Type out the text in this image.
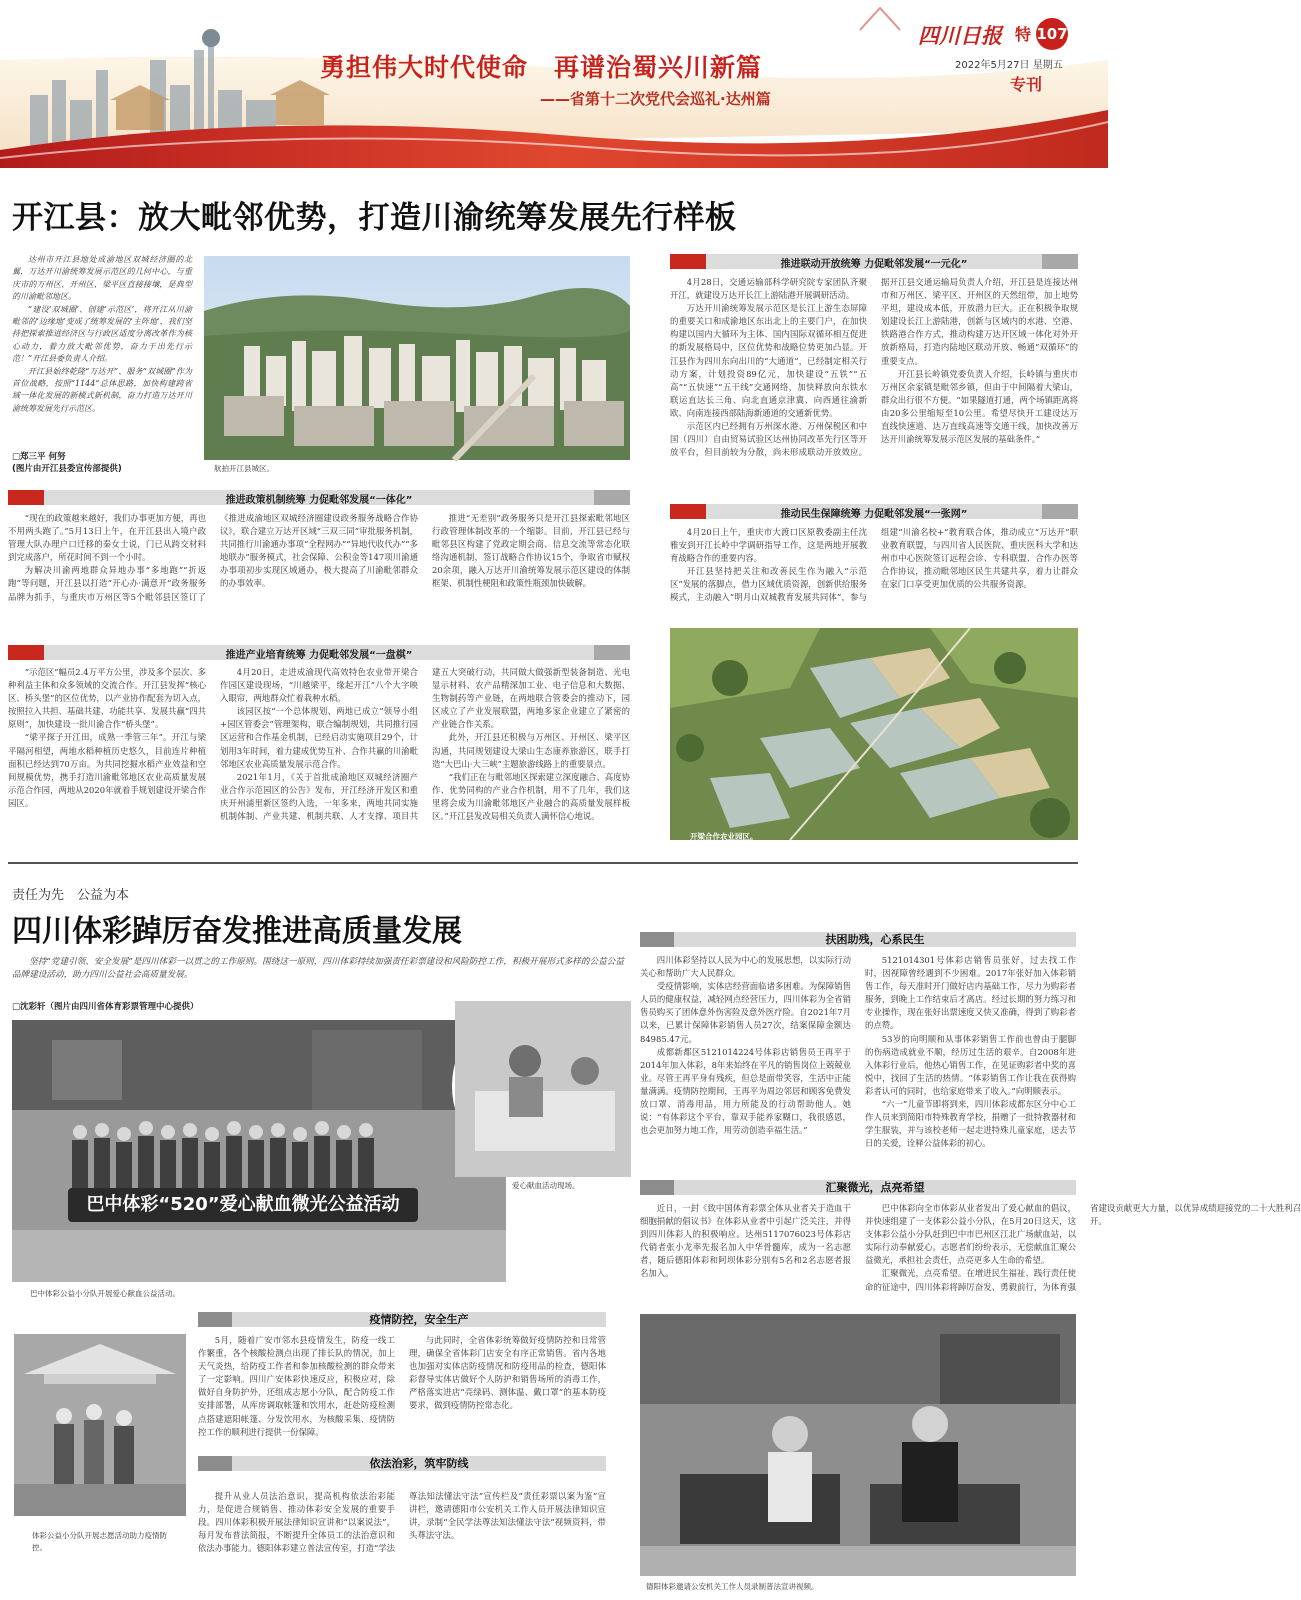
勇担伟大时代使命　再谱治蜀兴川新篇
——省第十二次党代会巡礼·达州篇
四川日报 特 107
2022年5月27日 星期五
专刊
开江县：放大毗邻优势，打造川渝统筹发展先行样板

达州市开江县地处成渝地区双城经济圈的北翼，万达开川渝统筹发展示范区的几何中心，与重庆市的万州区、开州区、梁平区直接接壤，是典型的川渝毗邻地区。

“建设‘双城圈’、创建‘示范区’，将开江从川渝毗邻的‘边缘地’变成了统筹发展的‘主阵地’，我们坚持把探索推进经济区与行政区适度分离改革作为核心动力，着力放大毗邻优势，奋力干出先行示范！”开江县委负责人介绍。

开江县始终乾隆“万达开”、服务“双城圈”作为首位战略，按照“1144”总体思路，加快构建跨省域一体化发展的新模式新机制，奋力打造万达开川渝统筹发展先行示范区。

□郑三平 何努
(图片由开江县委宣传部提供)	航拍开江县城区。
推进政策机制统筹 力促毗邻发展“一体化”

“现在的政策越来越好，我们办事更加方便，再也不用两头跑了。”5月13日上午，在开江县出入境户政管理大队办理户口迁移的秦女士说，门已从跨交材料到完成落户，所花时间不到一个小时。

为解决川渝两地群众异地办事“多地跑”“折返跑”等问题，开江县以打造“开心办·满意开”政务服务品牌为抓手，与重庆市万州区等5个毗邻县区签订了《推进成渝地区双城经济圈建设政务服务战略合作协议》，联合建立万达开区域“三双三同”审批服务机制，共同推行川渝通办事项“全程网办”“异地代收代办”“多地联办”服务模式，社会保障、公积金等147项川渝通办事项初步实现区域通办，极大提高了川渝毗邻群众的办事效率。

推进“无差别”政务服务只是开江县探索毗邻地区行政管理体制改革的一个缩影。目前，开江县已经与毗邻县区构建了党政定期会商、信息交流等常态化联络沟通机制，签订战略合作协议15个，争取省市赋权20余项，融入万达开川渝统筹发展示范区建设的体制框架、机制性梗阻和政策性瓶颈加快破解。

推进产业培育统筹 力促毗邻发展“一盘棋”

“示范区”幅员2.4万平方公里，涉及多个层次、多种利益主体和众多领域的交流合作。开江县发挥“核心区、桥头堡”的区位优势，以产业协作配套为切入点，按照拉入共担、基础共建、功能共享、发展共赢“四共原则”，加快建设一批川渝合作“桥头堡”。

“梁平探子开江田，成熟一季管三年”。开江与梁平隔河相望，两地水稻种植历史悠久，目前连片种植面积已经达到70万亩。为共同挖掘水稻产业效益和空间规模优势，携手打造川渝毗邻地区农业高质量发展示范合作园，两地从2020年就着手规划建设开梁合作园区。

4月20日，走进成渝现代高效特色农业带开梁合作园区建设现场，“川越梁平，缘起开江”八个大字映入眼帘，两地群众忙着栽种水稻。

该园区按“一个总体规划、两地已成立”领导小组+园区管委会”管理架构，联合编制规划，共同推行园区运营和合作基金机制，已经启动实施项目29个，计划用3年时间，着力建成优势互补、合作共赢的川渝毗邻地区农业高质量发展示范合作。

2021年1月，《关于首批成渝地区双城经济圈产业合作示范园区的公告》发布，开江经济开发区和重庆开州浦里新区签约入选，一年多来，两地共同实施机制体制、产业共建、机制共联、人才支撑、项目共建五大突破行动，共同做大做强新型装备制造、光电显示材料、农产品精深加工业、电子信息和大数据、生物制药等产业链，在两地联合管委会的推动下，园区成立了产业发展联盟，两地多家企业建立了紧密的产业链合作关系。

此外，开江县还积极与万州区、开州区、梁平区沟通，共同规划建设大梁山生态康养旅游区，联手打造“大巴山·大三峡”主题旅游线路上的重要景点。

“我们正在与毗邻地区探索建立深度融合、高度协作、优势同构的产业合作机制，用不了几年，我们这里将会成为川渝毗邻地区产业融合的高质量发展样板区。”开江县发改局相关负责人满怀信心地说。

推进联动开放统筹 力促毗邻发展“一元化”

4月28日，交通运输部科学研究院专家团队齐聚开江，就建设万达开长江上游陆港开展调研活动。

万达开川渝统筹发展示范区是长江上游生态屏障的重要关口和成渝地区东出北上的主要门户，在加快构建以国内大循环为主体、国内国际双循环相互促进的新发展格局中，区位优势和战略位势更加凸显。开江县作为四川东向出川的“大通道”，已经制定相关行动方案，计划投资89亿元，加快建设“五铁”“五高”“五快速”“五干线”交通网络，加快释放向东铁水联运直达长三角、向北直通京津冀、向西通往渝新欧、向南连接西部陆海新通道的交通新优势。

示范区内已经拥有万州深水港、万州保税区和中国（四川）自由贸易试验区达州协同改革先行区等开放平台，但目前较为分散，尚未形成联动开放效应。据开江县交通运输局负责人介绍，开江县是连接达州市和万州区、梁平区、开州区的天然纽带，加上地势平坦，建设成本低，开放潜力巨大。正在积极争取规划建设长江上游陆港，创新与区域内的水港、空港、铁路港合作方式，推动构建万达开区域一体化对外开放新格局，打造内陆地区联动开放、畅通“双循环”的重要支点。

开江县长岭镇党委负责人介绍，长岭镇与重庆市万州区余家镇是毗邻乡镇，但由于中间隔着大梁山，群众出行很不方便。“如果隧道打通，两个场镇距离将由20多公里缩短至10公里。希望尽快开工建设达万直线快速道、达万直线高速等交通干线，加快改善万达开川渝统筹发展示范区发展的基础条件。”

推动民生保障统筹 力促毗邻发展“一张网”

4月20日上午，重庆市大渡口区原教委副主任沈雅安到开江长岭中学调研指导工作，这是两地开展教育战略合作的重要内容。

开江县坚持把关注和改善民生作为融入“示范区”发展的落脚点，借力区域优质资源，创新供给服务模式，主动融入“明月山双城教育发展共同体”，参与组建“川渝名校+”教育联合体，推动成立“万达开”职业教育联盟，与四川省人民医院、重庆医科大学和达州市中心医院签订远程会诊、专科联盟、合作办医等合作协议，推动毗邻地区民生共建共享，着力让群众在家门口享受更加优质的公共服务资源。

开梁合作农业园区。
责任为先　公益为本
四川体彩踔厉奋发推进高质量发展

坚持“党建引领、安全发展”是四川体彩一以贯之的工作原则。围绕这一原则，四川体彩持续加强责任彩票建设和风险防控工作，积极开展形式多样的公益公益品牌建设活动，助力四川公益社会高质量发展。

□沈彩轩（图片由四川省体育彩票管理中心提供）
巴中体彩“520”爱心献血微光公益活动
爱心献血活动现场。
巴中体彩公益小分队开展爱心献血公益活动。
疫情防控，安全生产

5月，随着广安市邻水县疫情发生，防疫一线工作繁重，各个核酸检测点出现了排长队的情况，加上天气炎热，给防疫工作者和参加核酸检测的群众带来了一定影响。四川广安体彩快速反应，积极应对，除做好自身防护外，还组成志愿小分队，配合防疫工作安排部署，从库房调取帐篷和饮用水，赶赴防疫检测点搭建遮阳帐篷、分发饮用水，为核酸采集、疫情防控工作的顺利进行提供一份保障。

与此同时，全省体彩统筹做好疫情防控和日常管理，确保全省体彩门店安全有序正常销售。省内各地也加强对实体店防疫情况和防疫用品的检查，德阳体彩督导实体店做好个人防护和销售场所的消毒工作，严格落实进店“亮绿码、测体温、戴口罩”的基本防疫要求，做到疫情防控常态化。

依法治彩，筑牢防线

提升从业人员法治意识，提高机构依法治彩能力，是促进合规销售、推动体彩安全发展的重要手段。四川体彩积极开展法律知识宣讲和“以案说法”，每月发布普法简报，不断提升全体员工的法治意识和依法办事能力。德阳体彩建立普法宣传室，打造“学法尊法知法懂法守法”宣传栏及“责任彩票以案为鉴”宣讲栏，邀请德阳市公安机关工作人员开展法律知识宣讲，录制“全民学法尊法知法懂法守法”视频资料，带头尊法守法。

体彩公益小分队开展志愿活动助力疫情防控。
扶困助残，心系民生

四川体彩坚持以人民为中心的发展思想，以实际行动关心和帮助广大人民群众。

受疫情影响，实体店经营面临诸多困难。为保障销售人员的健康权益，减轻网点经营压力，四川体彩为全省销售员购买了团体意外伤害险及意外医疗险。自2021年7月以来，已累计保障体彩销售人员27次，结案保障金额达84985.47元。

成都新都区5121014224号体彩店销售员王再平于2014年加入体彩，8年来始终在平凡的销售岗位上兢兢业业。尽管王再平身有残疾，但总是面带笑容，生活中正能量满满。疫情防控期间，王再平为周边邻居和顾客免费发放口罩、消毒用品，用力所能及的行动帮助他人。她说：“有体彩这个平台，靠双手能养家糊口，我很感恩，也会更加努力地工作，用劳动创造幸福生活。”

5121014301号体彩店销售员张好，过去找工作时，因视障曾经遇到不少困难。2017年张好加入体彩销售工作，每天准时开门做好店内基础工作，尽力为购彩者服务，到晚上工作结束后才离店。经过长期的努力练习和专业操作，现在张好出票速度又快又准确，得到了购彩者的点赞。

53岁的向明顺和从事体彩销售工作前也曾由于腿脚的伤病造成就业不顺，经历过生活的艰辛。自2008年进入体彩行业后，他热心销售工作，在见证购彩者中奖的喜悦中，找回了生活的热情。“体彩销售工作让我在获得购彩者认可的同时，也给家庭带来了收入。”向明顺表示。

“六一”儿童节即将到来，四川体彩成都东区分中心工作人员来到简阳市特殊教育学校，捐赠了一批特教器材和学生服装，并与该校老师一起走进特殊儿童家庭，送去节日的关爱，诠释公益体彩的初心。

汇聚微光，点亮希望

近日，一封《致中国体育彩票全体从业者关于造血干细胞捐献的倡议书》在体彩从业者中引起广泛关注，并得到四川体彩人的积极响应。达州5117076023号体彩店代销者张小龙率先报名加入中华骨髓库，成为一名志愿者，随后德阳体彩和阿坝体彩分别有5名和2名志愿者报名加入。

巴中体彩向全市体彩从业者发出了爱心献血的倡议，并快速组建了一支体彩公益小分队，在5月20日这天，这支体彩公益小分队赶到巴中市巴州区江北广场献血站，以实际行动奉献爱心。志愿者们纷纷表示，无偿献血汇聚公益微光，承担社会责任，点亮更多人生命的希望。

汇聚微光，点亮希望。在增进民生福祉、践行责任使命的征途中，四川体彩将踔厉奋发、勇毅前行，为体育强省建设贡献更大力量，以优异成绩迎接党的二十大胜利召开。

德阳体彩邀请公安机关工作人员录制普法宣讲视频。
